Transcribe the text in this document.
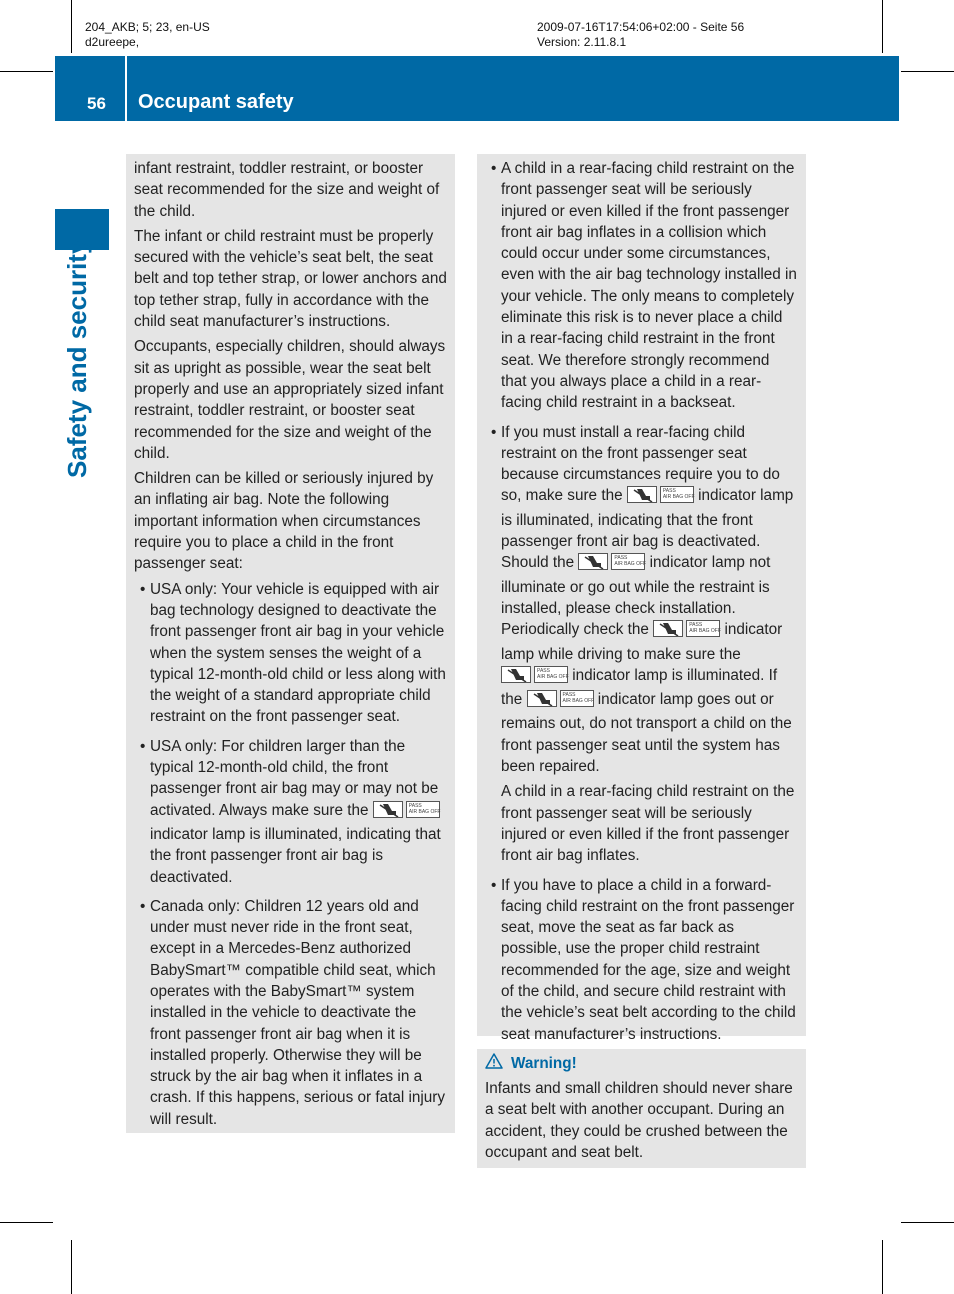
204_AKB; 5; 23, en-US
d2ureepe,
2009-07-16T17:54:06+02:00 - Seite 56
Version: 2.11.8.1
56 Occupant safety
Safety and security

infant restraint, toddler restraint, or booster seat recommended for the size and weight of the child.

The infant or child restraint must be properly secured with the vehicle’s seat belt, the seat belt and top tether strap, or lower anchors and top tether strap, fully in accordance with the child seat manufacturer’s instructions.

Occupants, especially children, should always sit as upright as possible, wear the seat belt properly and use an appropriately sized infant restraint, toddler restraint, or booster seat recommended for the size and weight of the child.

Children can be killed or seriously injured by an inflating air bag. Note the following important information when circumstances require you to place a child in the front passenger seat:

• USA only: Your vehicle is equipped with air bag technology designed to deactivate the front passenger front air bag in your vehicle when the system senses the weight of a typical 12-month-old child or less along with the weight of a standard appropriate child restraint on the front passenger seat.
• USA only: For children larger than the typical 12-month-old child, the front passenger front air bag may or may not be activated. Always make sure the	PASS
AIR BAG OFF indicator lamp is illuminated, indicating that the front passenger front air bag is deactivated.
• Canada only: Children 12 years old and under must never ride in the front seat, except in a Mercedes-Benz authorized BabySmart™ compatible child seat, which operates with the BabySmart™ system installed in the vehicle to deactivate the front passenger front air bag when it is installed properly. Otherwise they will be struck by the air bag when it inflates in a crash. If this happens, serious or fatal injury will result.
• A child in a rear-facing child restraint on the front passenger seat will be seriously injured or even killed if the front passenger front air bag inflates in a collision which could occur under some circumstances, even with the air bag technology installed in your vehicle. The only means to completely eliminate this risk is to never place a child in a rear-facing child restraint in the front seat. We therefore strongly recommend that you always place a child in a rear-facing child restraint in a backseat.

• If you must install a rear-facing child restraint on the front passenger seat because circumstances require you to do so, make sure the	PASS
AIR BAG OFF indicator lamp is illuminated, indicating that the front passenger front air bag is deactivated. Should the	PASS
AIR BAG OFF indicator lamp not illuminate or go out while the restraint is installed, please check installation. Periodically check the	PASS
AIR BAG OFF indicator lamp while driving to make sure the
PASS
AIR BAG OFF indicator lamp is illuminated. If the	PASS
AIR BAG OFF indicator lamp goes out or remains out, do not transport a child on the front passenger seat until the system has been repaired.

A child in a rear-facing child restraint on the front passenger seat will be seriously injured or even killed if the front passenger front air bag inflates.

• If you have to place a child in a forward-facing child restraint on the front passenger seat, move the seat as far back as possible, use the proper child restraint recommended for the age, size and weight of the child, and secure child restraint with the vehicle’s seat belt according to the child seat manufacturer’s instructions.
Warning!

Infants and small children should never share a seat belt with another occupant. During an accident, they could be crushed between the occupant and seat belt.
